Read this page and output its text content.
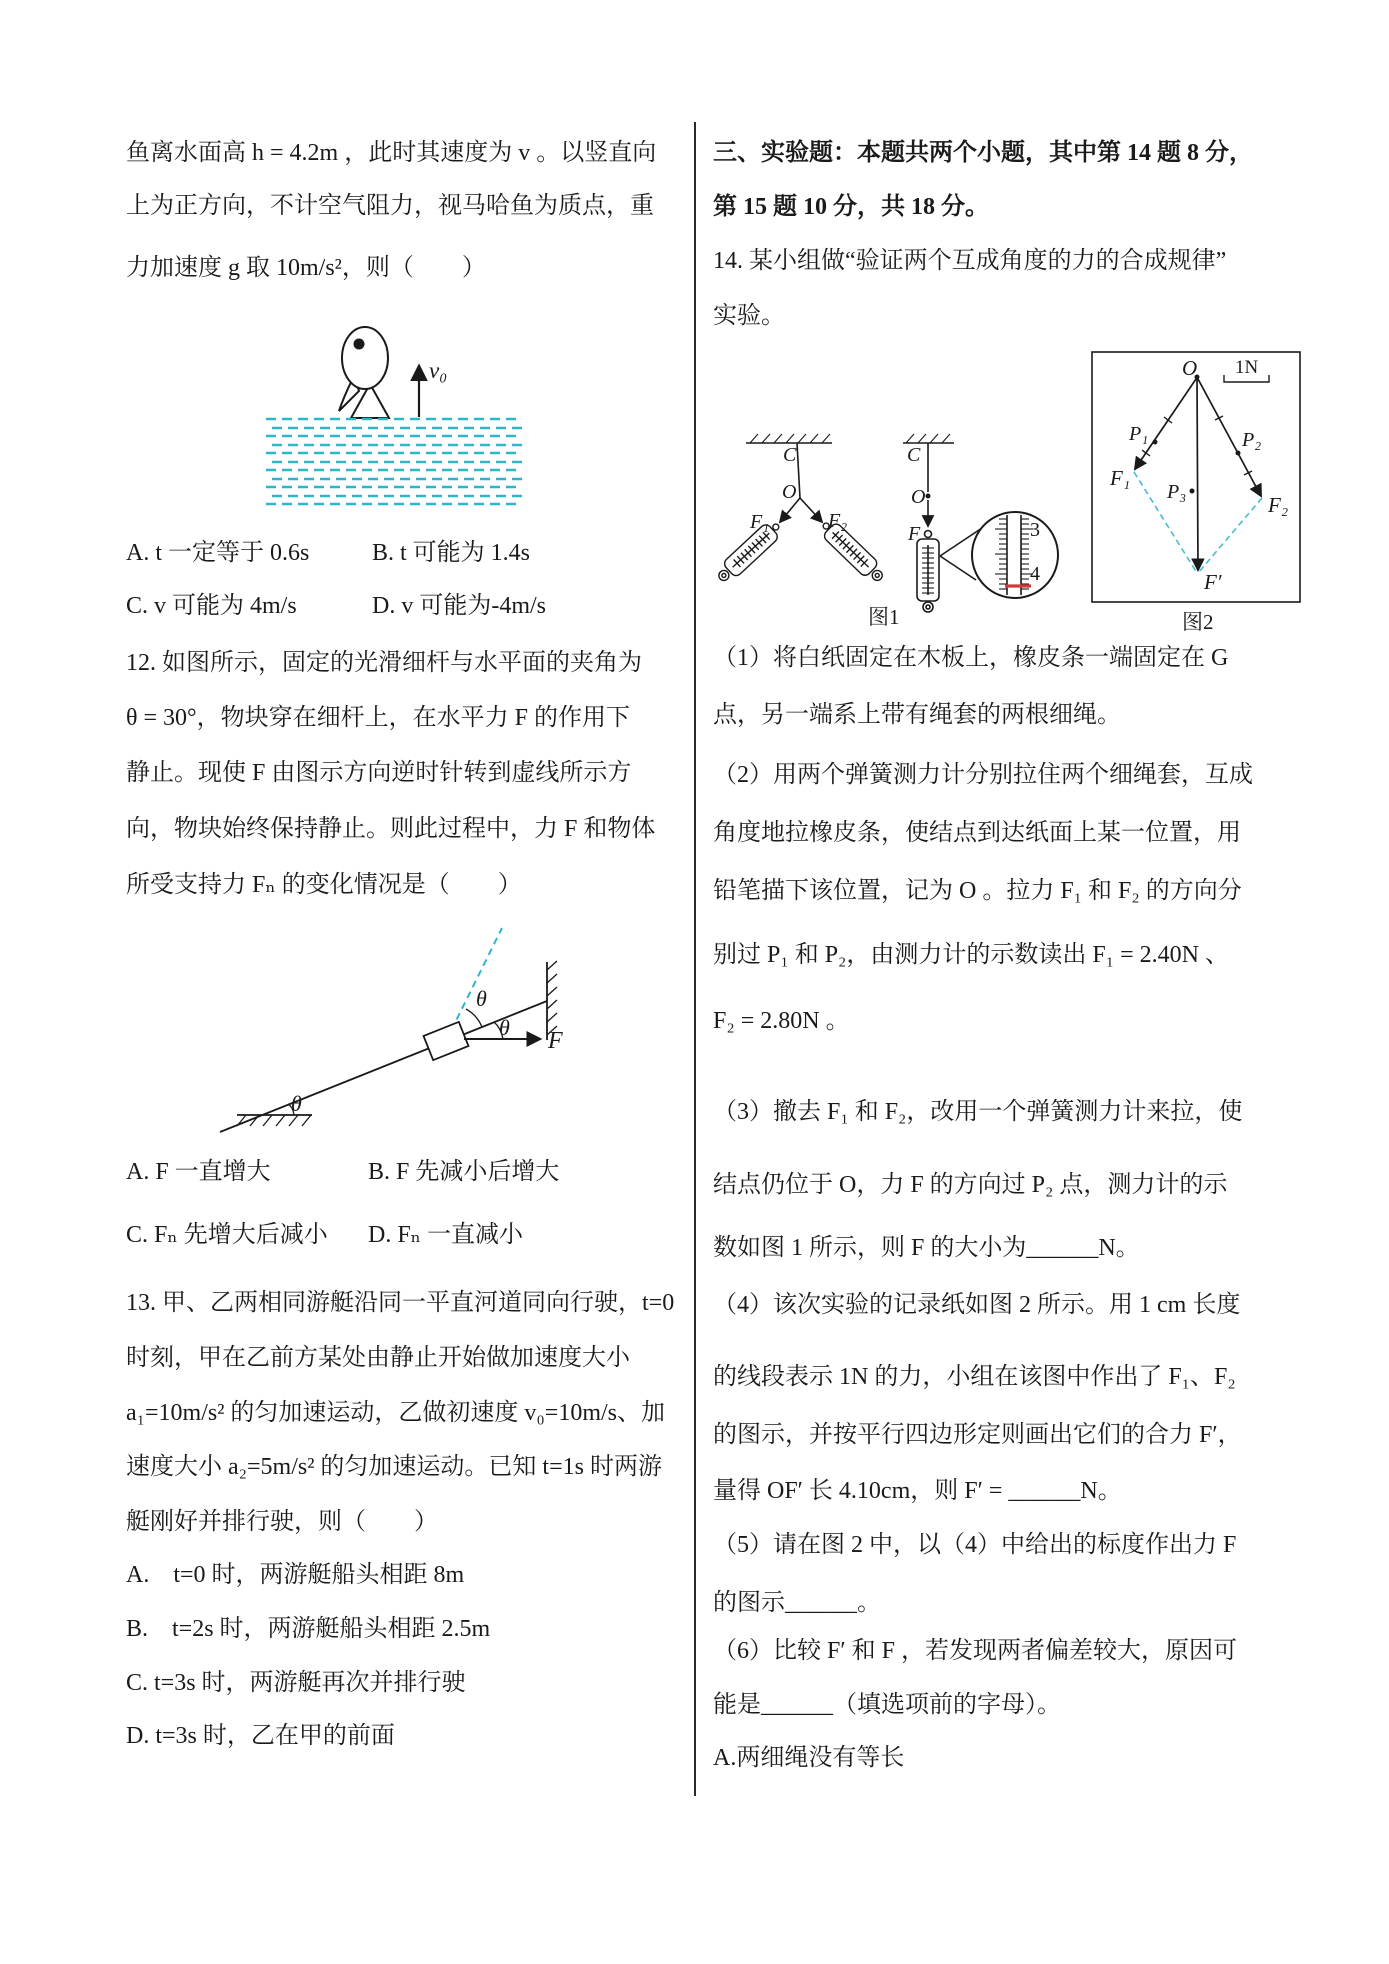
鱼离水面高 h = 4.2m ，此时其速度为 v 。以竖直向
上为正方向，不计空气阻力，视马哈鱼为质点，重
力加速度 g 取 10m/s²，则（　　）
v₀
A. t 一定等于 0.6s	B. t 可能为 1.4s
C. v 可能为 4m/s	D. v 可能为-4m/s
12. 如图所示，固定的光滑细杆与水平面的夹角为
θ = 30°，物块穿在细杆上，在水平力 F 的作用下
静止。现使 F 由图示方向逆时针转到虚线所示方
向，物块始终保持静止。则此过程中，力 F 和物体
所受支持力 Fₙ 的变化情况是（　　）
θ
θ
θ
F
A. F 一直增大	B. F 先减小后增大
C. Fₙ 先增大后减小 D. Fₙ 一直减小
13. 甲、乙两相同游艇沿同一平直河道同向行驶，t=0
时刻，甲在乙前方某处由静止开始做加速度大小
a₁=10m/s² 的匀加速运动，乙做初速度 v₀=10m/s、加
速度大小 a₂=5m/s² 的匀加速运动。已知 t=1s 时两游
艇刚好并排行驶，则（　　）
A.　t=0 时，两游艇船头相距 8m
B.　t=2s 时，两游艇船头相距 2.5m
C. t=3s 时，两游艇再次并排行驶
D. t=3s 时，乙在甲的前面
三、实验题：本题共两个小题，其中第 14 题 8 分，
第 15 题 10 分，共 18 分。
14. 某小组做“验证两个互成角度的力的合成规律”
实验。
C
O
F₁	F₂
C
O
F	3
4
图1
O 1N
P₁	P₂
P₃
F₁
F₂
F′
图2
（1）将白纸固定在木板上，橡皮条一端固定在 G
点，另一端系上带有绳套的两根细绳。
（2）用两个弹簧测力计分别拉住两个细绳套，互成
角度地拉橡皮条，使结点到达纸面上某一位置，用
铅笔描下该位置，记为 O 。拉力 F₁ 和 F₂ 的方向分
别过 P₁ 和 P₂，由测力计的示数读出 F₁ = 2.40N 、
F₂ = 2.80N 。
（3）撤去 F₁ 和 F₂，改用一个弹簧测力计来拉，使
结点仍位于 O，力 F 的方向过 P₂ 点，测力计的示
数如图 1 所示，则 F 的大小为______N。
（4）该次实验的记录纸如图 2 所示。用 1 cm 长度
的线段表示 1N 的力，小组在该图中作出了 F₁、F₂
的图示，并按平行四边形定则画出它们的合力 F′，
量得 OF′ 长 4.10cm，则 F′ = ______N。
（5）请在图 2 中，以（4）中给出的标度作出力 F
的图示______。
（6）比较 F′ 和 F ，若发现两者偏差较大，原因可
能是______（填选项前的字母）。
A.两细绳没有等长
